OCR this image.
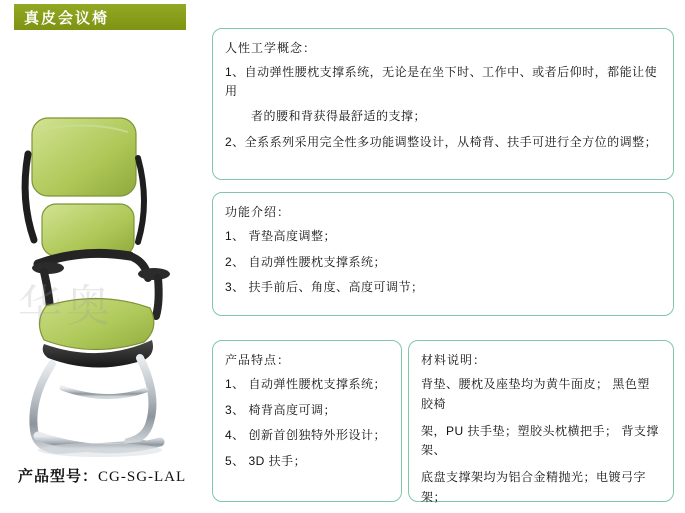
真皮会议椅
华奥
产品型号：CG-SG-LAL
人性工学概念：

1、自动弹性腰枕支撑系统，无论是在坐下时、工作中、或者后仰时，都能让使用

者的腰和背获得最舒适的支撑；

2、全系系列采用完全性多功能调整设计，从椅背、扶手可进行全方位的调整；

功能介绍：

1、 背垫高度调整；

2、 自动弹性腰枕支撑系统；

3、 扶手前后、角度、高度可调节；

产品特点：

1、 自动弹性腰枕支撑系统；

3、 椅背高度可调；

4、 创新首创独特外形设计；

5、 3D 扶手；

材料说明：

背垫、腰枕及座垫均为黄牛面皮； 黑色塑胶椅

架，PU 扶手垫；塑胶头枕横把手； 背支撑架、

底盘支撑架均为铝合金精抛光；电镀弓字架；
